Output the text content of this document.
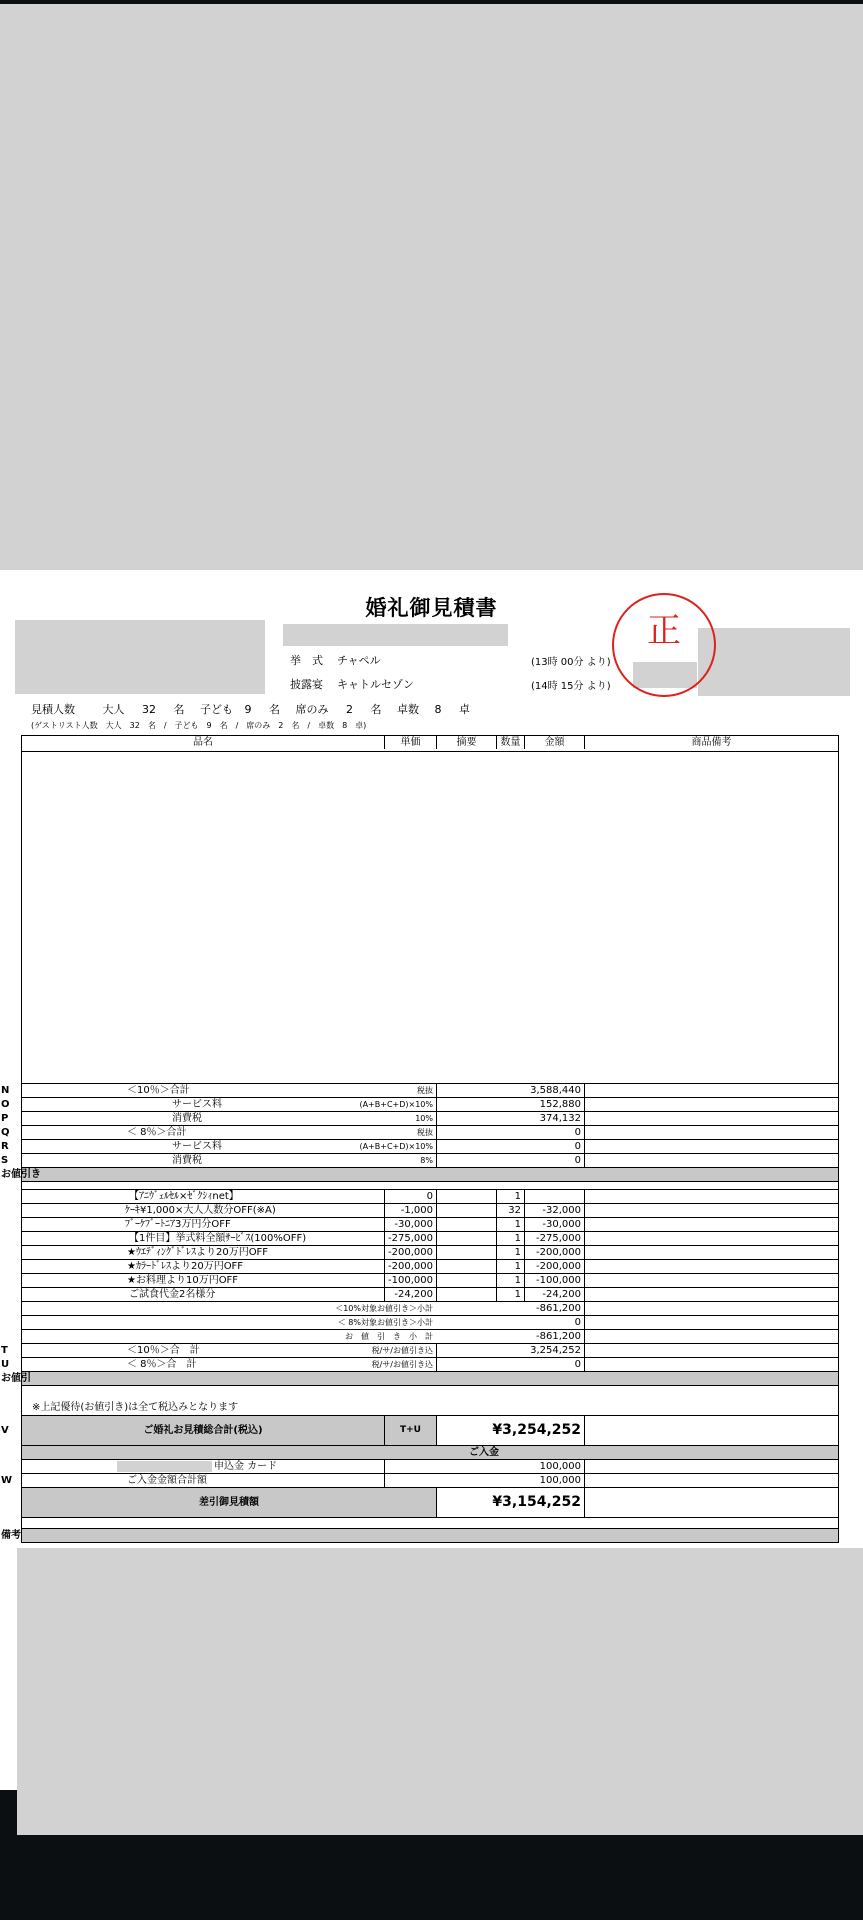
婚礼御見積書
正
挙　式 チャペル	(13時 00分 より)
披露宴 キャトルセゾン	(14時 15分 より)
見積人数	大人 32 名 子ども 9 名 席のみ 2 名 卓数 8 卓
(ゲストリスト人数　大人　32　名　/　子ども　9　名　/　席のみ　2　名　/　卓数　8　卓)
品名	単価	摘要	数量	金額	商品備考
N	＜10％＞合計	税抜	3,588,440
O	サービス料	(A+B+C+D)×10%	152,880
P	消費税	10%	374,132
Q	＜ 8％＞合計	税抜	0
R	サービス料	(A+B+C+D)×10%	0
S	消費税	8%	0
お値引き
【ｱﾆｳﾞｪﾙｾﾙ×ｾﾞｸｼｨnet】	0	1
ｹｰｷ¥1,000×大人人数分OFF(※A)	-1,000	32	-32,000
ﾌﾞｰｹﾌﾞｰﾄﾆｱ3万円分OFF	-30,000	1	-30,000
【1件目】挙式料全額ｻｰﾋﾞｽ(100%OFF)	-275,000	1	-275,000
★ｳｴﾃﾞｨﾝｸﾞﾄﾞﾚｽより20万円OFF	-200,000	1	-200,000
★ｶﾗｰﾄﾞﾚｽより20万円OFF	-200,000	1	-200,000
★お料理より10万円OFF	-100,000	1	-100,000
ご試食代金2名様分	-24,200	1	-24,200
＜10%対象お値引き＞小計	-861,200
＜ 8%対象お値引き＞小計	0
お　値　引　き　小　計	-861,200
T	＜10％＞合　計	税/サ/お値引き込	3,254,252
U	＜ 8％＞合　計	税/サ/お値引き込	0
お値引
※上記優待(お値引き)は全て税込みとなります
V	ご婚礼お見積総合計(税込)	T+U	¥3,254,252
ご入金
申込金 カード	100,000
W	ご入金金額合計額	100,000
差引御見積額	¥3,154,252
備考
